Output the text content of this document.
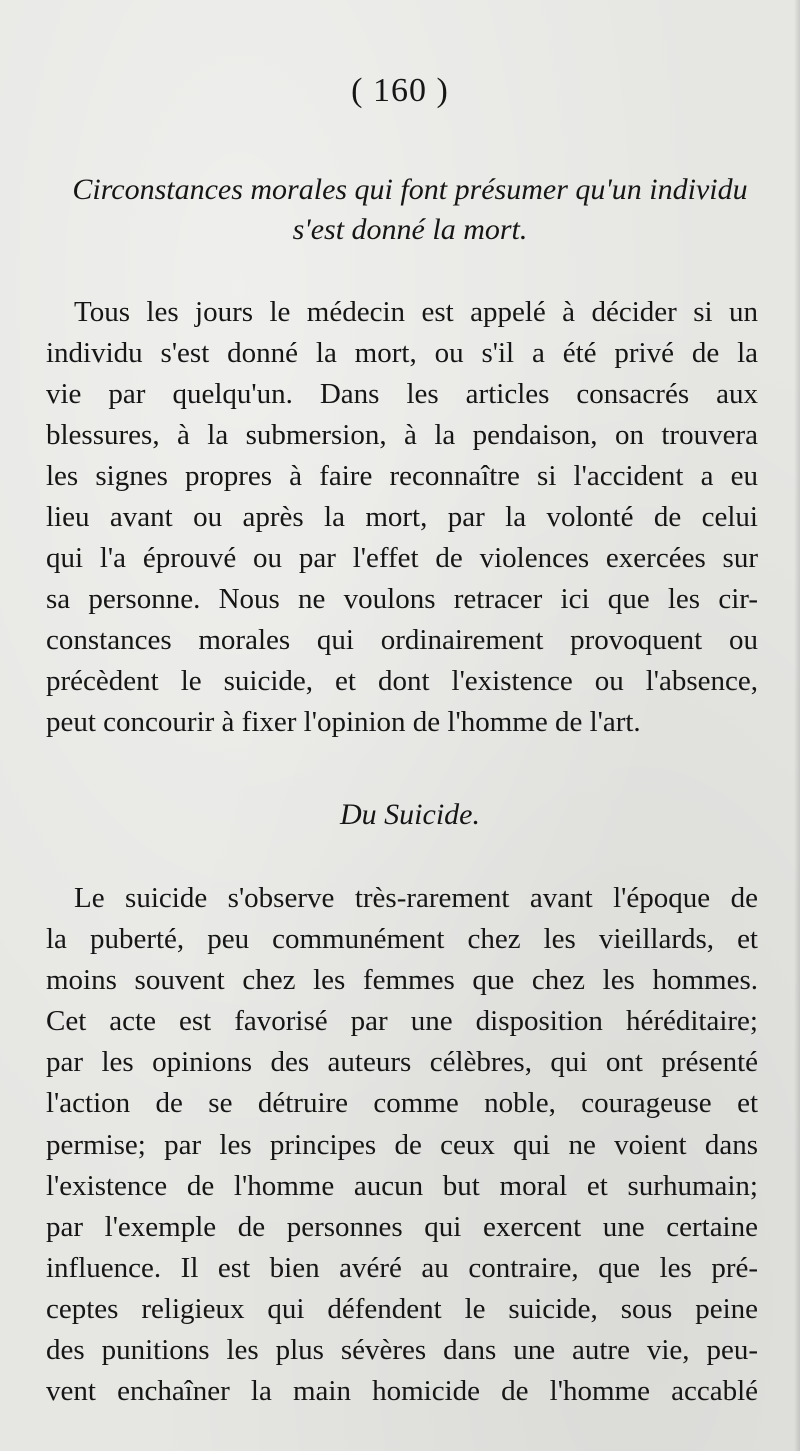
( 160 )
Circonstances morales qui font présumer qu'un individu
s'est donné la mort.
Tous les jours le médecin est appelé à décider si un
individu s'est donné la mort, ou s'il a été privé de la
vie par quelqu'un. Dans les articles consacrés aux
blessures, à la submersion, à la pendaison, on trouvera
les signes propres à faire reconnaître si l'accident a eu
lieu avant ou après la mort, par la volonté de celui
qui l'a éprouvé ou par l'effet de violences exercées sur
sa personne. Nous ne voulons retracer ici que les cir-
constances morales qui ordinairement provoquent ou
précèdent le suicide, et dont l'existence ou l'absence,
peut concourir à fixer l'opinion de l'homme de l'art.
Du Suicide.
Le suicide s'observe très-rarement avant l'époque de
la puberté, peu communément chez les vieillards, et
moins souvent chez les femmes que chez les hommes.
Cet acte est favorisé par une disposition héréditaire;
par les opinions des auteurs célèbres, qui ont présenté
l'action de se détruire comme noble, courageuse et
permise; par les principes de ceux qui ne voient dans
l'existence de l'homme aucun but moral et surhumain;
par l'exemple de personnes qui exercent une certaine
influence. Il est bien avéré au contraire, que les pré-
ceptes religieux qui défendent le suicide, sous peine
des punitions les plus sévères dans une autre vie, peu-
vent enchaîner la main homicide de l'homme accablé
